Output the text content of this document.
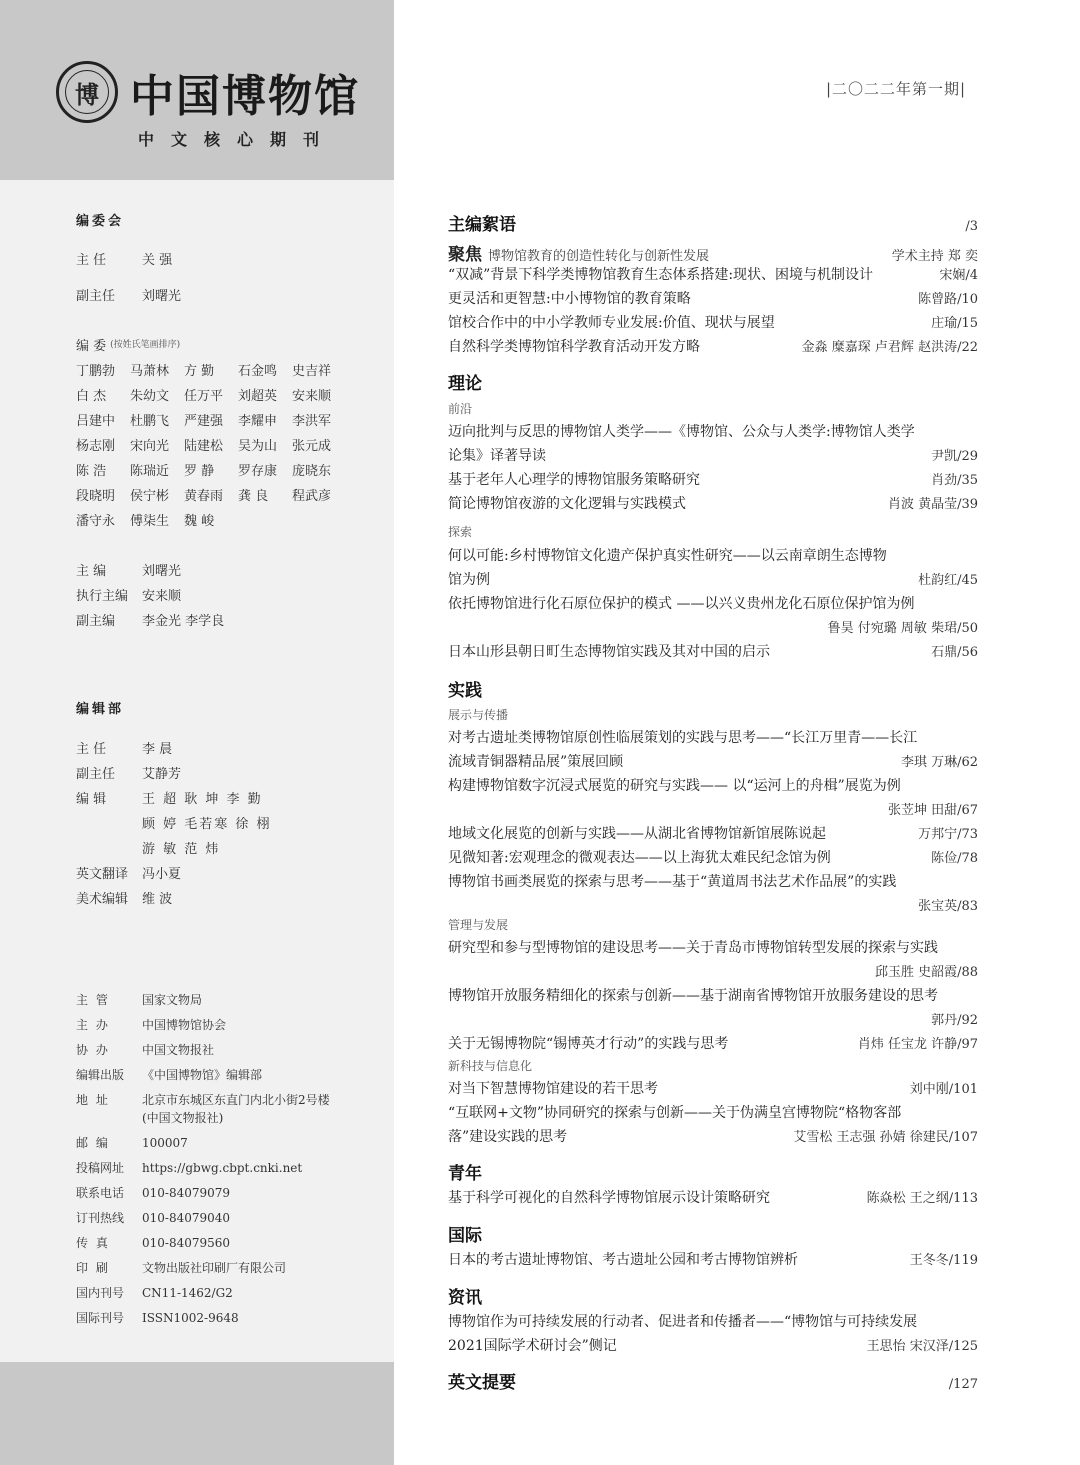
博 中国博物馆
中文核心期刊
|二〇二二年第一期|
编委会
主 任	关 强
副主任	刘曙光
编 委 (按姓氏笔画排序)
丁鹏勃	马萧林	方 勤	石金鸣	史吉祥
白 杰	朱幼文	任万平	刘超英	安来顺
吕建中	杜鹏飞	严建强	李耀申	李洪军
杨志刚	宋向光	陆建松	吴为山	张元成
陈 浩	陈瑞近	罗 静	罗存康	庞晓东
段晓明	侯宁彬	黄春雨	龚 良	程武彦
潘守永	傅柒生	魏 峻
主 编	刘曙光
执行主编	安来顺
副主编	李金光 李学良
编辑部
主 任	李 晨
副主任	艾静芳
编 辑	王 超 耿 坤 李 勤
顾 婷 毛若寒 徐 栩
游 敏 范 炜
英文翻译	冯小夏
美术编辑	维 波
主 管	国家文物局
主 办	中国博物馆协会
协 办	中国文物报社
编辑出版	《中国博物馆》编辑部
地 址	北京市东城区东直门内北小街2号楼
(中国文物报社)
邮 编	100007
投稿网址	https://gbwg.cbpt.cnki.net
联系电话	010-84079079
订刊热线	010-84079040
传 真	010-84079560
印 刷	文物出版社印刷厂有限公司
国内刊号	CN11-1462/G2
国际刊号	ISSN1002-9648
主编絮语	/3
聚焦 博物馆教育的创造性转化与创新性发展	学术主持 郑 奕
“双减”背景下科学类博物馆教育生态体系搭建:现状、困境与机制设计	宋娴/4
更灵活和更智慧:中小博物馆的教育策略	陈曾路/10
馆校合作中的中小学教师专业发展:价值、现状与展望	庄瑜/15
自然科学类博物馆科学教育活动开发方略	金淼 糜嘉琛 卢君辉 赵洪涛/22
理论
前沿
迈向批判与反思的博物馆人类学——《博物馆、公众与人类学:博物馆人类学
论集》译著导读	尹凯/29
基于老年人心理学的博物馆服务策略研究	肖劲/35
简论博物馆夜游的文化逻辑与实践模式	肖波 黄晶莹/39
探索
何以可能:乡村博物馆文化遗产保护真实性研究——以云南章朗生态博物
馆为例	杜韵红/45
依托博物馆进行化石原位保护的模式 ——以兴义贵州龙化石原位保护馆为例
鲁昊 付宛璐 周敏 柴珺/50
日本山形县朝日町生态博物馆实践及其对中国的启示	石鼎/56
实践
展示与传播
对考古遗址类博物馆原创性临展策划的实践与思考——“长江万里青——长江
流域青铜器精品展”策展回顾	李琪 万琳/62
构建博物馆数字沉浸式展览的研究与实践—— 以“运河上的舟楫”展览为例
张苙坤 田甜/67
地域文化展览的创新与实践——从湖北省博物馆新馆展陈说起	万邦宁/73
见微知著:宏观理念的微观表达——以上海犹太难民纪念馆为例	陈俭/78
博物馆书画类展览的探索与思考——基于“黄道周书法艺术作品展”的实践
张宝英/83
管理与发展
研究型和参与型博物馆的建设思考——关于青岛市博物馆转型发展的探索与实践
邱玉胜 史韶霞/88
博物馆开放服务精细化的探索与创新——基于湖南省博物馆开放服务建设的思考
郭丹/92
关于无锡博物院“锡博英才行动”的实践与思考	肖炜 任宝龙 许静/97
新科技与信息化
对当下智慧博物馆建设的若干思考	刘中刚/101
“互联网+文物”协同研究的探索与创新——关于伪满皇宫博物院“格物客部
落”建设实践的思考	艾雪松 王志强 孙婧 徐建民/107
青年
基于科学可视化的自然科学博物馆展示设计策略研究	陈焱松 王之纲/113
国际
日本的考古遗址博物馆、考古遗址公园和考古博物馆辨析	王冬冬/119
资讯
博物馆作为可持续发展的行动者、促进者和传播者——“博物馆与可持续发展
2021国际学术研讨会”侧记	王思怡 宋汉泽/125
英文提要	/127
